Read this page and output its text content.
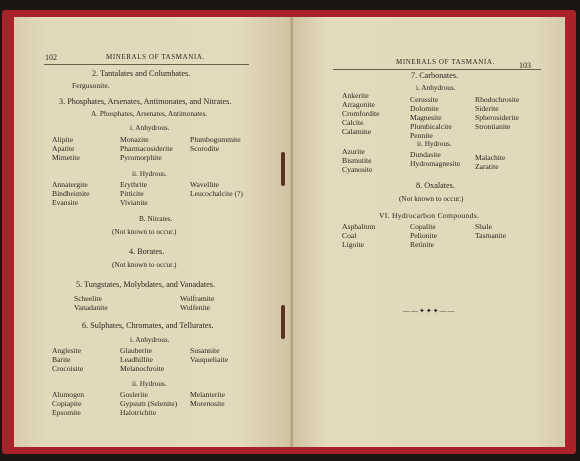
102	MINERALS OF TASMANIA.
2. Tantalates and Columbates.
Fergusonite.
3. Phosphates, Arsenates, Antimonates, and Nitrates.
A. Phosphates, Arsenates, Antimonates.
i. Anhydrous.
Alipite
Apatite
Mimetite
Monazite
Pharmacosiderite
Pyromorphite
Plumbogummite
Scorodite
ii. Hydrous.
Annatergite
Bindheimite
Evansite
Erythrite
Pitticite
Vivianite
Wavellite
Leucochalcite (?)
B. Nitrates.
(Not known to occur.)
4. Borates.
(Not known to occur.)
5. Tungstates, Molybdates, and Vanadates.
Scheelite
Vanadanite
Wolframite
Wulfenite
6. Sulphates, Chromates, and Tellurates.
i. Anhydrous.
Anglesite
Barite
Crocoisite
Glauberite
Leadhillite
Melanochroite
Susannite
Vauqueliaite
ii. Hydrous.
Alumogen
Copiapite
Epsomite
Goslerite
Gypsum (Selenite)
Halotrichite
Melanterite
Morenosite
MINERALS OF TASMANIA.	103
7. Carbonates.
i. Anhydrous.
Ankerite
Arragonite
Cromfordite
Calcite
Calamine
Cerussite
Dolomite
Magnesite
Plumbicalcite
Pennite
Rhodochrosite
Siderite
Spherosiderite
Strontianite
ii. Hydrous.
Azurite
Bismutite
Cyanosite
Dundasite
Hydromagnesite
Malachite
Zaratite
8. Oxalates.
(Not known to occur.)
VI. Hydrocarbon Compounds.
Asphaltum
Coal
Ligoite
Copalite
Pelionite
Retinite
Shale
Tasmanite
——✦✦✦——
